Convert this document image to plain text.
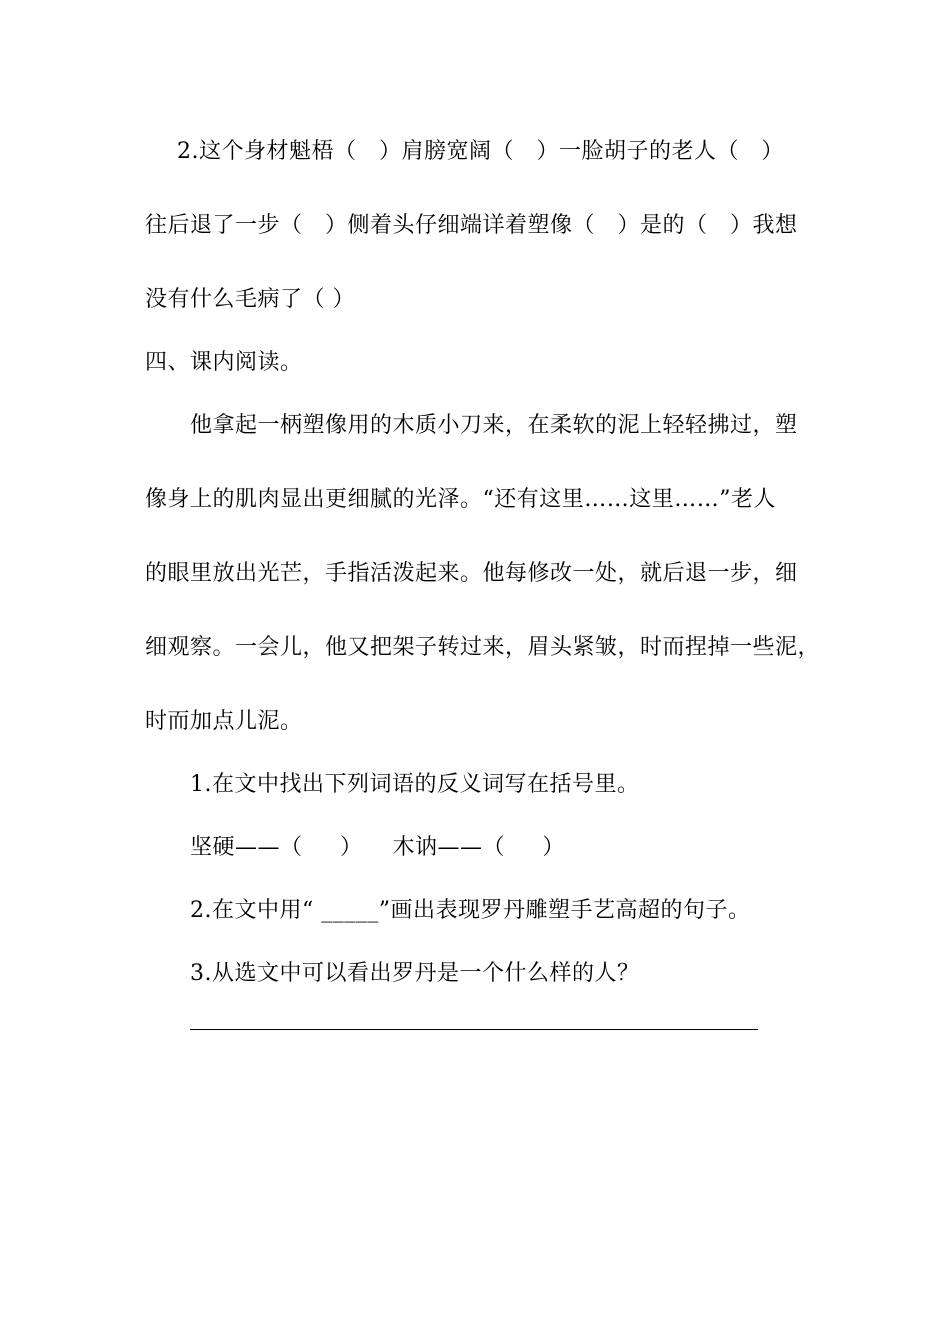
2.这个身材魁梧（   ）肩膀宽阔（   ）一脸胡子的老人（   ）
往后退了一步（   ）侧着头仔细端详着塑像（   ）是的（   ）我想
没有什么毛病了（ ）
四、课内阅读。
他拿起一柄塑像用的木质小刀来，在柔软的泥上轻轻拂过，塑
像身上的肌肉显出更细腻的光泽。“还有这里……这里……”老人
的眼里放出光芒，手指活泼起来。他每修改一处，就后退一步，细
细观察。一会儿，他又把架子转过来，眉头紧皱，时而捏掉一些泥，
时而加点儿泥。
1.在文中找出下列词语的反义词写在括号里。
坚硬——（     ）    木讷——（     ）
2.在文中用“ _____”画出表现罗丹雕塑手艺高超的句子。
3.从选文中可以看出罗丹是一个什么样的人？
